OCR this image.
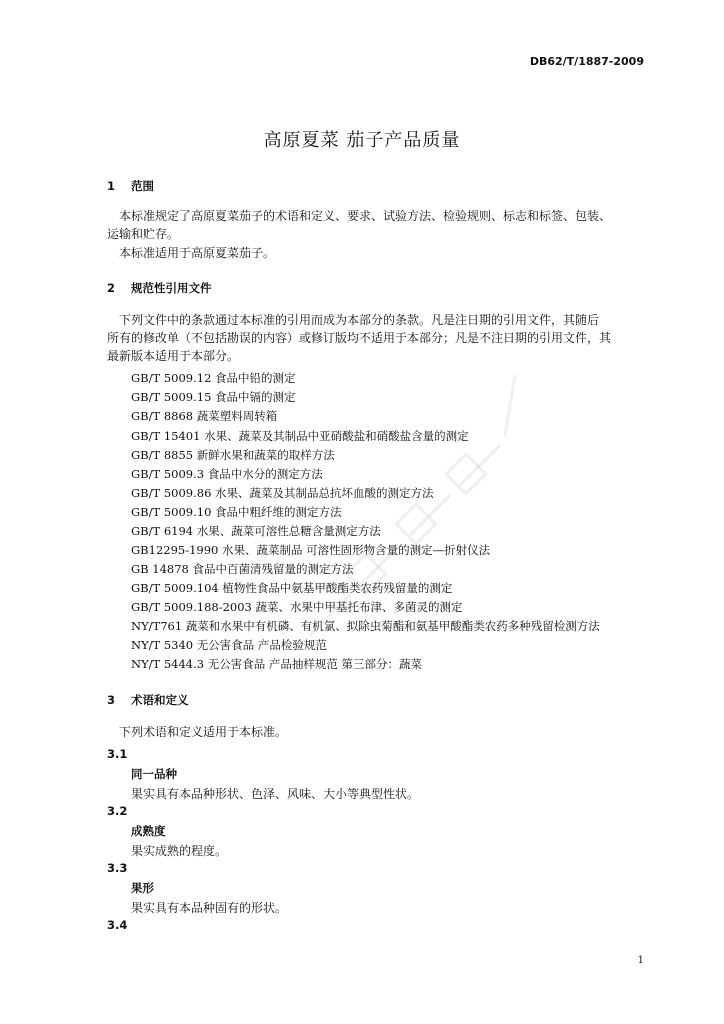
DB62/T/1887-2009
高原夏菜 茄子产品质量
1 范围
本标准规定了高原夏菜茄子的术语和定义、要求、试验方法、检验规则、标志和标签、包装、
运输和贮存。
本标准适用于高原夏菜茄子。
2 规范性引用文件
下列文件中的条款通过本标准的引用而成为本部分的条款。凡是注日期的引用文件，其随后
所有的修改单（不包括勘误的内容）或修订版均不适用于本部分；凡是不注日期的引用文件，其
最新版本适用于本部分。
GB/T 5009.12 食品中铅的测定
GB/T 5009.15 食品中镉的测定
GB/T 8868 蔬菜塑料周转箱
GB/T 15401 水果、蔬菜及其制品中亚硝酸盐和硝酸盐含量的测定
GB/T 8855 新鲜水果和蔬菜的取样方法
GB/T 5009.3 食品中水分的测定方法
GB/T 5009.86 水果、蔬菜及其制品总抗坏血酸的测定方法
GB/T 5009.10 食品中粗纤维的测定方法
GB/T 6194 水果、蔬菜可溶性总糖含量测定方法
GB12295-1990 水果、蔬菜制品 可溶性固形物含量的测定—折射仪法
GB 14878 食品中百菌清残留量的测定方法
GB/T 5009.104 植物性食品中氨基甲酸酯类农药残留量的测定
GB/T 5009.188-2003 蔬菜、水果中甲基托布津、多菌灵的测定
NY/T761 蔬菜和水果中有机磷、有机氯、拟除虫菊酯和氨基甲酸酯类农药多种残留检测方法
NY/T 5340 无公害食品 产品检验规范
NY/T 5444.3 无公害食品 产品抽样规范 第三部分：蔬菜
3 术语和定义
下列术语和定义适用于本标准。
3.1
同一品种
果实具有本品种形状、色泽、风味、大小等典型性状。
3.2
成熟度
果实成熟的程度。
3.3
果形
果实具有本品种固有的形状。
3.4
1
